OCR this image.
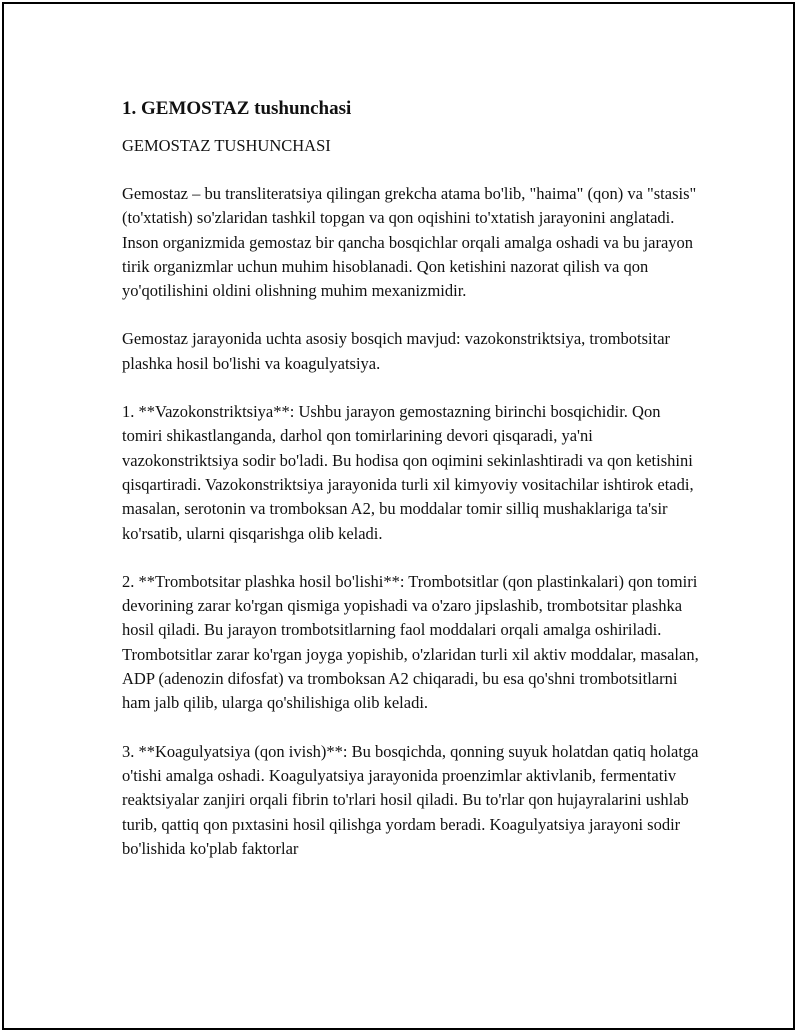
1. GEMOSTAZ tushunchasi
GEMOSTAZ TUSHUNCHASI

Gemostaz – bu transliteratsiya qilingan grekcha atama bo'lib, "haima" (qon) va "stasis" (to'xtatish) so'zlaridan tashkil topgan va qon oqishini to'xtatish jarayonini anglatadi. Inson organizmida gemostaz bir qancha bosqichlar orqali amalga oshadi va bu jarayon tirik organizmlar uchun muhim hisoblanadi. Qon ketishini nazorat qilish va qon yo'qotilishini oldini olishning muhim mexanizmidir.

Gemostaz jarayonida uchta asosiy bosqich mavjud: vazokonstriktsiya, trombotsitar plashka hosil bo'lishi va koagulyatsiya.

1. **Vazokonstriktsiya**: Ushbu jarayon gemostazning birinchi bosqichidir. Qon tomiri shikastlanganda, darhol qon tomirlarining devori qisqaradi, ya'ni vazokonstriktsiya sodir bo'ladi. Bu hodisa qon oqimini sekinlashtiradi va qon ketishini qisqartiradi. Vazokonstriktsiya jarayonida turli xil kimyoviy vositachilar ishtirok etadi, masalan, serotonin va tromboksan A2, bu moddalar tomir silliq mushaklariga ta'sir ko'rsatib, ularni qisqarishga olib keladi.

2. **Trombotsitar plashka hosil bo'lishi**: Trombotsitlar (qon plastinkalari) qon tomiri devorining zarar ko'rgan qismiga yopishadi va o'zaro jipslashib, trombotsitar plashka hosil qiladi. Bu jarayon trombotsitlarning faol moddalari orqali amalga oshiriladi. Trombotsitlar zarar ko'rgan joyga yopishib, o'zlaridan turli xil aktiv moddalar, masalan, ADP (adenozin difosfat) va tromboksan A2 chiqaradi, bu esa qo'shni trombotsitlarni ham jalb qilib, ularga qo'shilishiga olib keladi.

3. **Koagulyatsiya (qon ivish)**: Bu bosqichda, qonning suyuk holatdan qatiq holatga o'tishi amalga oshadi. Koagulyatsiya jarayonida proenzimlar aktivlanib, fermentativ reaktsiyalar zanjiri orqali fibrin to'rlari hosil qiladi. Bu to'rlar qon hujayralarini ushlab turib, qattiq qon pıxtasini hosil qilishga yordam beradi. Koagulyatsiya jarayoni sodir bo'lishida ko'plab faktorlar
